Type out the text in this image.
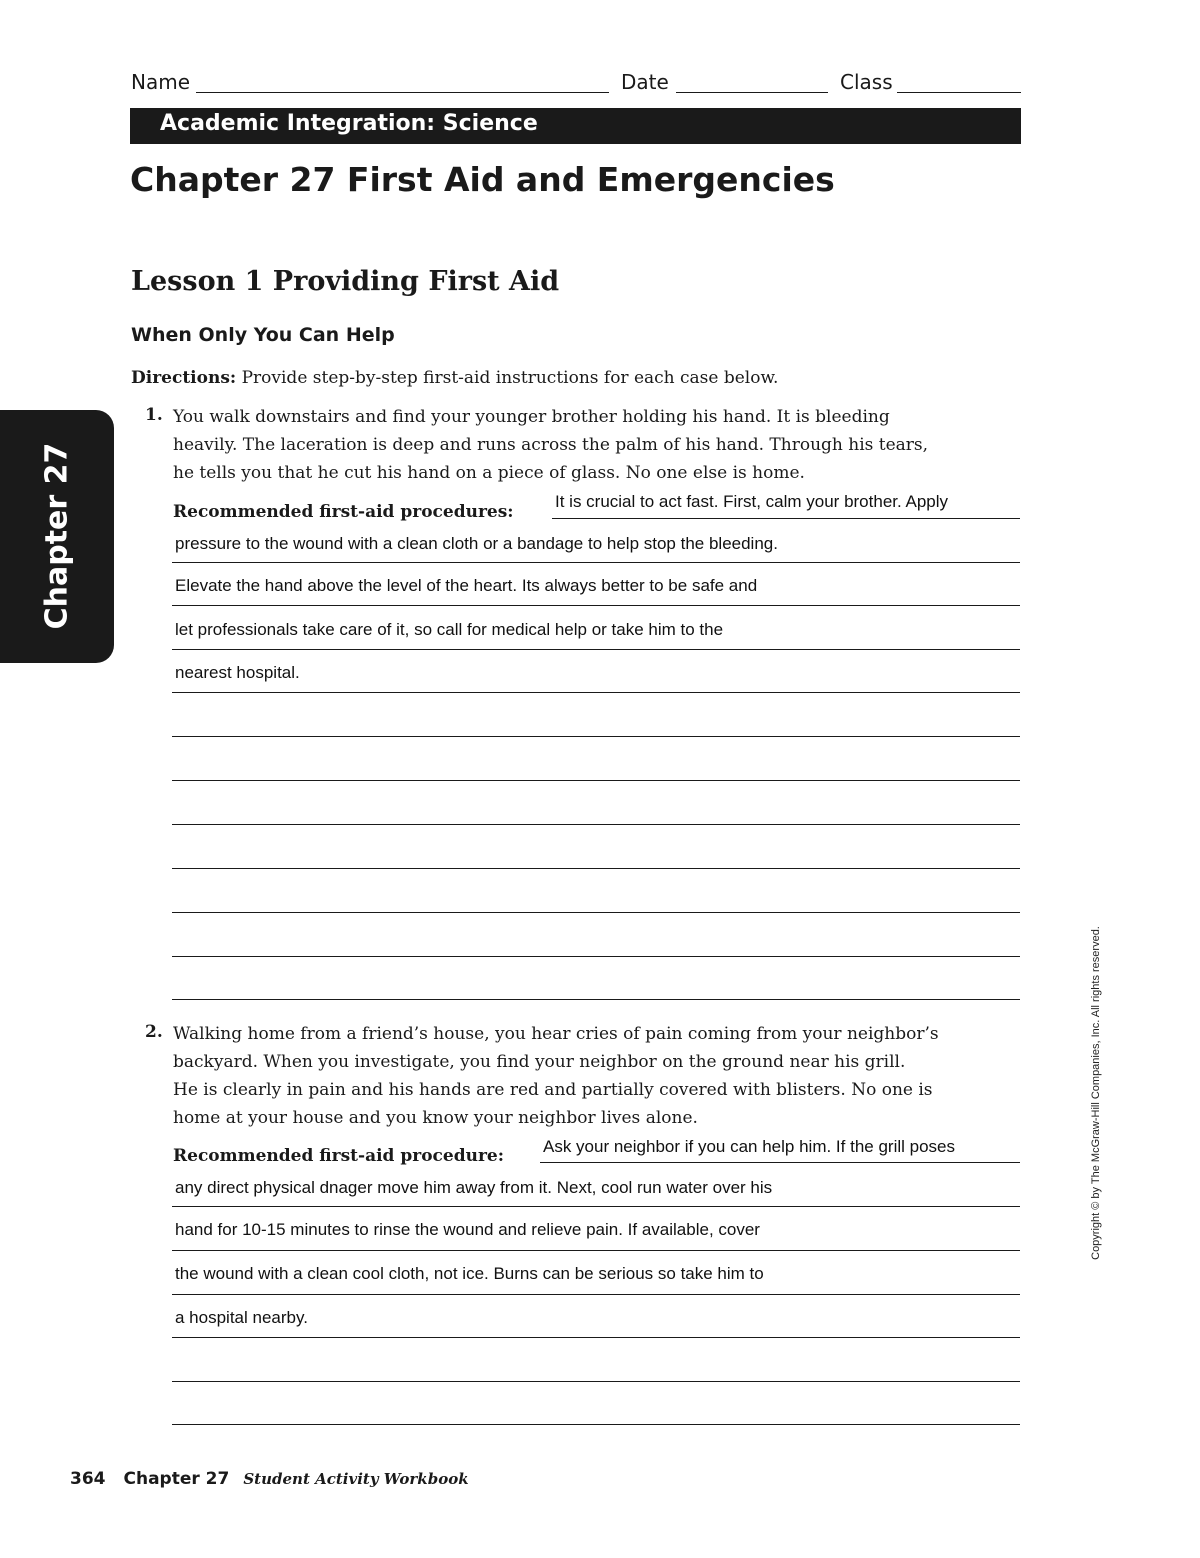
Name	Date	Class
Academic Integration: Science
Chapter 27 First Aid and Emergencies
Lesson 1 Providing First Aid
When Only You Can Help
Directions: Provide step-by-step first-aid instructions for each case below.
Chapter 27
1. You walk downstairs and find your younger brother holding his hand. It is bleeding
heavily. The laceration is deep and runs across the palm of his hand. Through his tears,
he tells you that he cut his hand on a piece of glass. No one else is home.
Recommended first-aid procedures:
It is crucial to act fast. First, calm your brother. Apply
pressure to the wound with a clean cloth or a bandage to help stop the bleeding.
Elevate the hand above the level of the heart. Its always better to be safe and
let professionals take care of it, so call for medical help or take him to the
nearest hospital.
2. Walking home from a friend’s house, you hear cries of pain coming from your neighbor’s
backyard. When you investigate, you find your neighbor on the ground near his grill.
He is clearly in pain and his hands are red and partially covered with blisters. No one is
home at your house and you know your neighbor lives alone.
Recommended first-aid procedure: Ask your neighbor if you can help him. If the grill poses
any direct physical dnager move him away from it. Next, cool run water over his
hand for 10-15 minutes to rinse the wound and relieve pain. If available, cover
the wound with a clean cool cloth, not ice. Burns can be serious so take him to
a hospital nearby.
Copyright © by The McGraw-Hill Companies, Inc. All rights reserved.
364 Chapter 27 Student Activity Workbook
